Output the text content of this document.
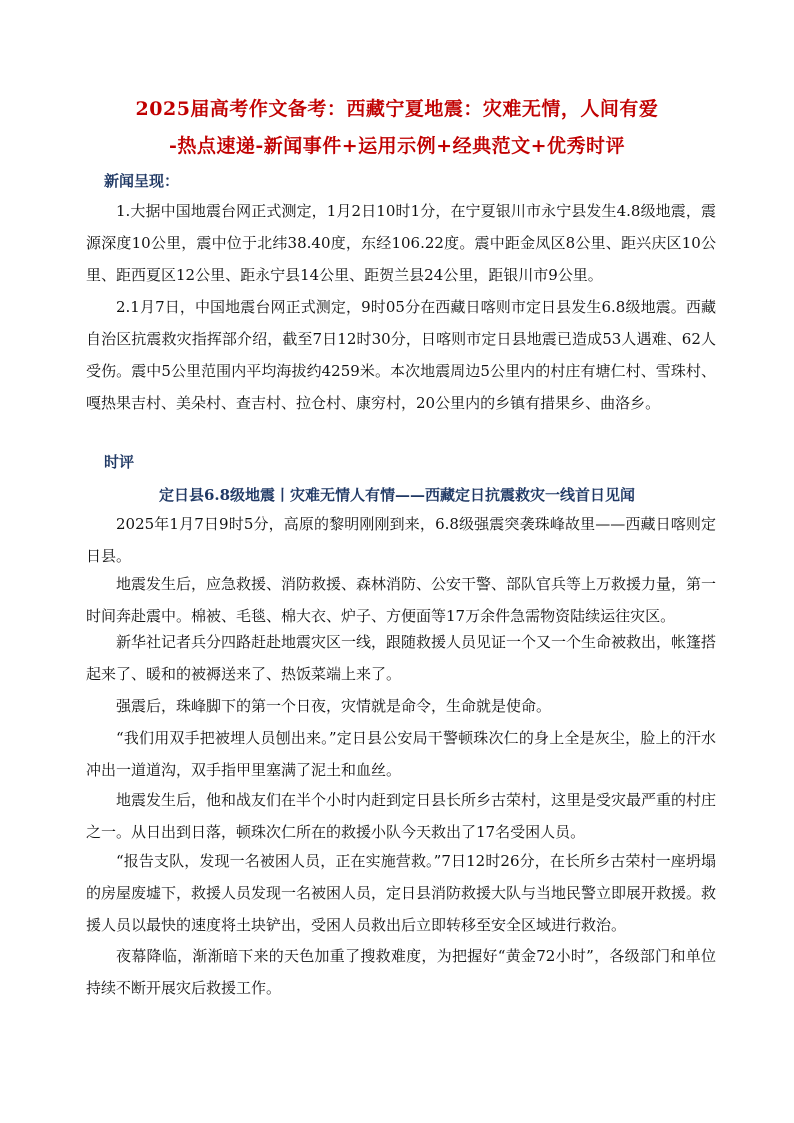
2025届高考作文备考：西藏宁夏地震：灾难无情，人间有爱
-热点速递-新闻事件+运用示例+经典范文+优秀时评
新闻呈现：

1.大据中国地震台网正式测定，1月2日10时1分，在宁夏银川市永宁县发生4.8级地震，震源深度10公里，震中位于北纬38.40度，东经106.22度。震中距金凤区8公里、距兴庆区10公里、距西夏区12公里、距永宁县14公里、距贺兰县24公里，距银川市9公里。

2.1月7日，中国地震台网正式测定，9时05分在西藏日喀则市定日县发生6.8级地震。西藏自治区抗震救灾指挥部介绍，截至7日12时30分，日喀则市定日县地震已造成53人遇难、62人受伤。震中5公里范围内平均海拔约4259米。本次地震周边5公里内的村庄有塘仁村、雪珠村、嘎热果吉村、美朵村、查吉村、拉仓村、康穷村，20公里内的乡镇有措果乡、曲洛乡。

时评
定日县6.8级地震丨灾难无情人有情——西藏定日抗震救灾一线首日见闻

2025年1月7日9时5分，高原的黎明刚刚到来，6.8级强震突袭珠峰故里——西藏日喀则定日县。

地震发生后，应急救援、消防救援、森林消防、公安干警、部队官兵等上万救援力量，第一时间奔赴震中。棉被、毛毯、棉大衣、炉子、方便面等17万余件急需物资陆续运往灾区。

新华社记者兵分四路赶赴地震灾区一线，跟随救援人员见证一个又一个生命被救出，帐篷搭起来了、暖和的被褥送来了、热饭菜端上来了。

强震后，珠峰脚下的第一个日夜，灾情就是命令，生命就是使命。

“我们用双手把被埋人员刨出来。”定日县公安局干警顿珠次仁的身上全是灰尘，脸上的汗水冲出一道道沟，双手指甲里塞满了泥土和血丝。

地震发生后，他和战友们在半个小时内赶到定日县长所乡古荣村，这里是受灾最严重的村庄之一。从日出到日落，顿珠次仁所在的救援小队今天救出了17名受困人员。

“报告支队，发现一名被困人员，正在实施营救。”7日12时26分，在长所乡古荣村一座坍塌的房屋废墟下，救援人员发现一名被困人员，定日县消防救援大队与当地民警立即展开救援。救援人员以最快的速度将土块铲出，受困人员救出后立即转移至安全区域进行救治。

夜幕降临，渐渐暗下来的天色加重了搜救难度，为把握好“黄金72小时”，各级部门和单位持续不断开展灾后救援工作。
